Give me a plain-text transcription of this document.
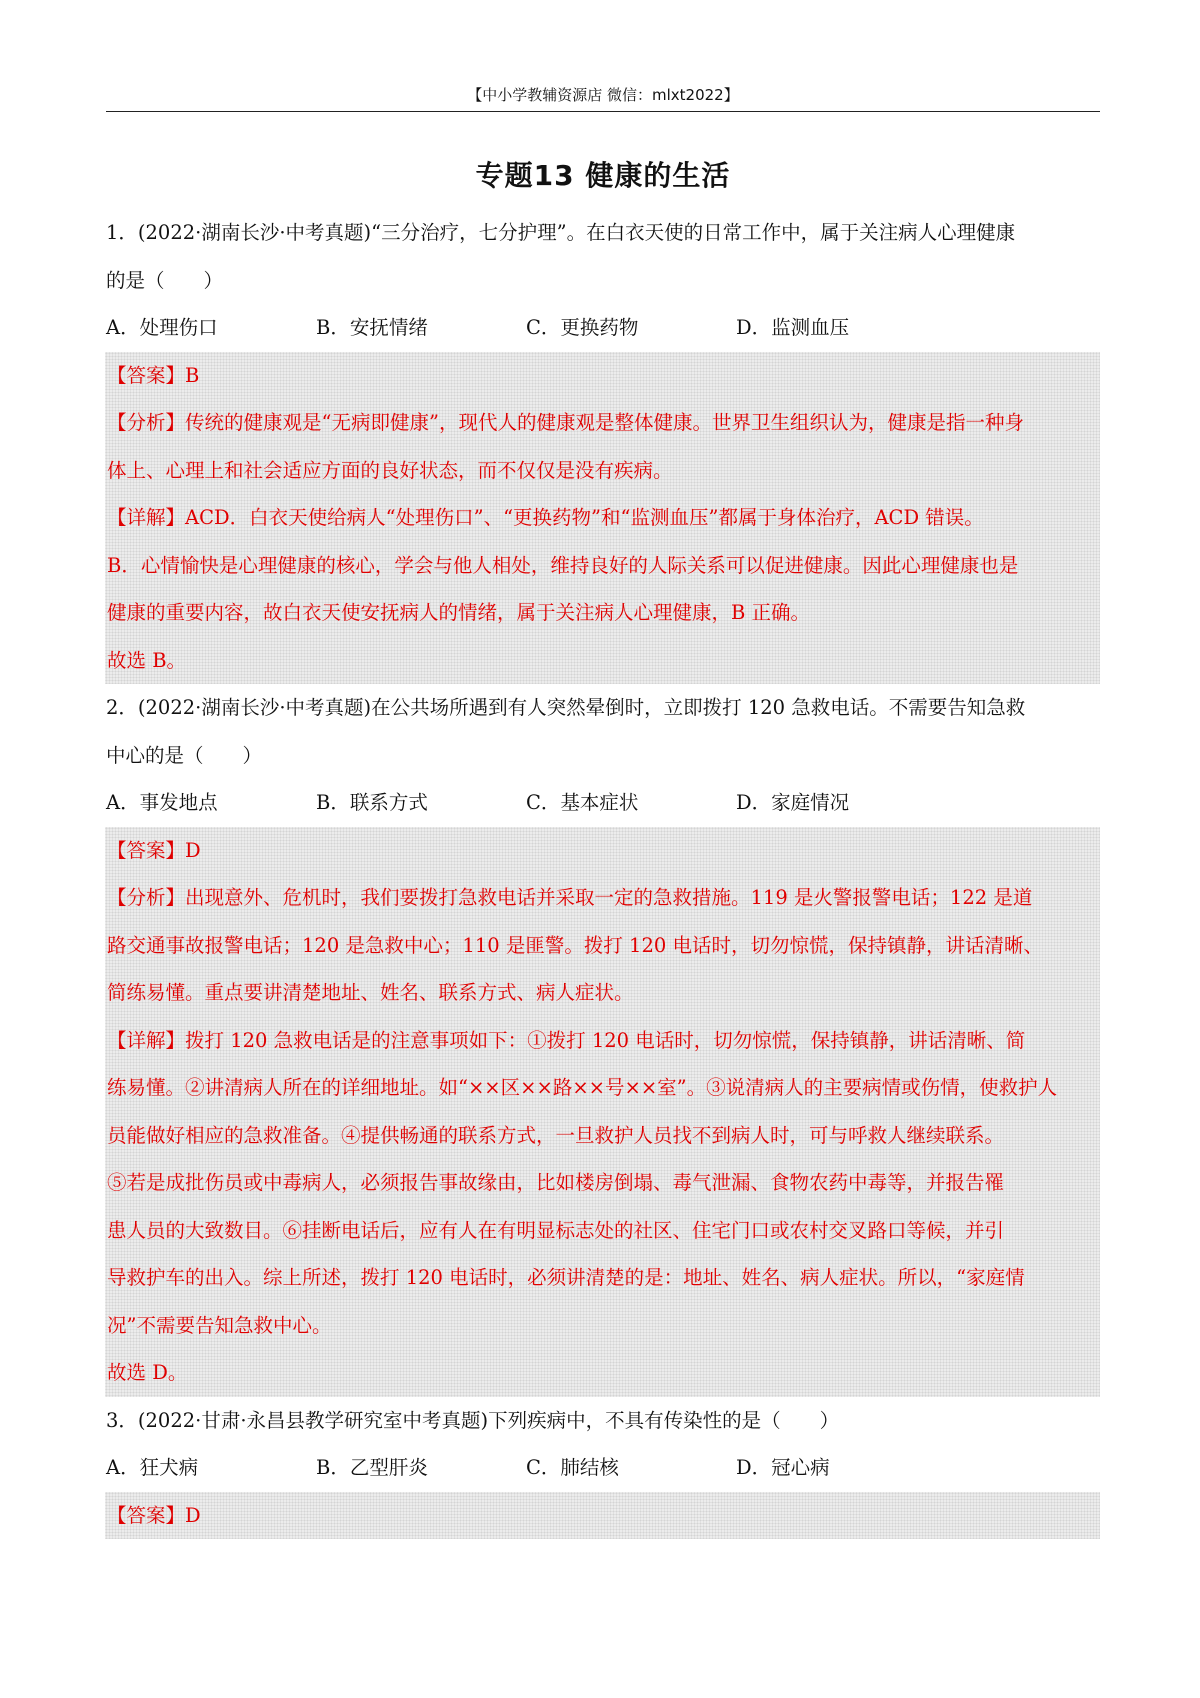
【中小学教辅资源店 微信：mlxt2022】
专题13 健康的生活
1．(2022·湖南长沙·中考真题)“三分治疗，七分护理”。在白衣天使的日常工作中，属于关注病人心理健康
的是（　　）
A．处理伤口	B．安抚情绪	C．更换药物	D．监测血压
【答案】B
【分析】传统的健康观是“无病即健康”，现代人的健康观是整体健康。世界卫生组织认为，健康是指一种身
体上、心理上和社会适应方面的良好状态，而不仅仅是没有疾病。
【详解】ACD．白衣天使给病人“处理伤口”、“更换药物”和“监测血压”都属于身体治疗，ACD 错误。
B．心情愉快是心理健康的核心，学会与他人相处，维持良好的人际关系可以促进健康。因此心理健康也是
健康的重要内容，故白衣天使安抚病人的情绪，属于关注病人心理健康，B 正确。
故选 B。
2．(2022·湖南长沙·中考真题)在公共场所遇到有人突然晕倒时，立即拨打 120 急救电话。不需要告知急救
中心的是（　　）
A．事发地点	B．联系方式	C．基本症状	D．家庭情况
【答案】D
【分析】出现意外、危机时，我们要拨打急救电话并采取一定的急救措施。119 是火警报警电话；122 是道
路交通事故报警电话；120 是急救中心；110 是匪警。拨打 120 电话时，切勿惊慌，保持镇静，讲话清晰、
简练易懂。重点要讲清楚地址、姓名、联系方式、病人症状。
【详解】拨打 120 急救电话是的注意事项如下：①拨打 120 电话时，切勿惊慌，保持镇静，讲话清晰、简
练易懂。②讲清病人所在的详细地址。如“××区××路××号××室”。③说清病人的主要病情或伤情，使救护人
员能做好相应的急救准备。④提供畅通的联系方式，一旦救护人员找不到病人时，可与呼救人继续联系。
⑤若是成批伤员或中毒病人，必须报告事故缘由，比如楼房倒塌、毒气泄漏、食物农药中毒等，并报告罹
患人员的大致数目。⑥挂断电话后，应有人在有明显标志处的社区、住宅门口或农村交叉路口等候，并引
导救护车的出入。综上所述，拨打 120 电话时，必须讲清楚的是：地址、姓名、病人症状。所以，“家庭情
况”不需要告知急救中心。
故选 D。
3．(2022·甘肃·永昌县教学研究室中考真题)下列疾病中，不具有传染性的是（　　）
A．狂犬病	B．乙型肝炎	C．肺结核	D．冠心病
【答案】D
